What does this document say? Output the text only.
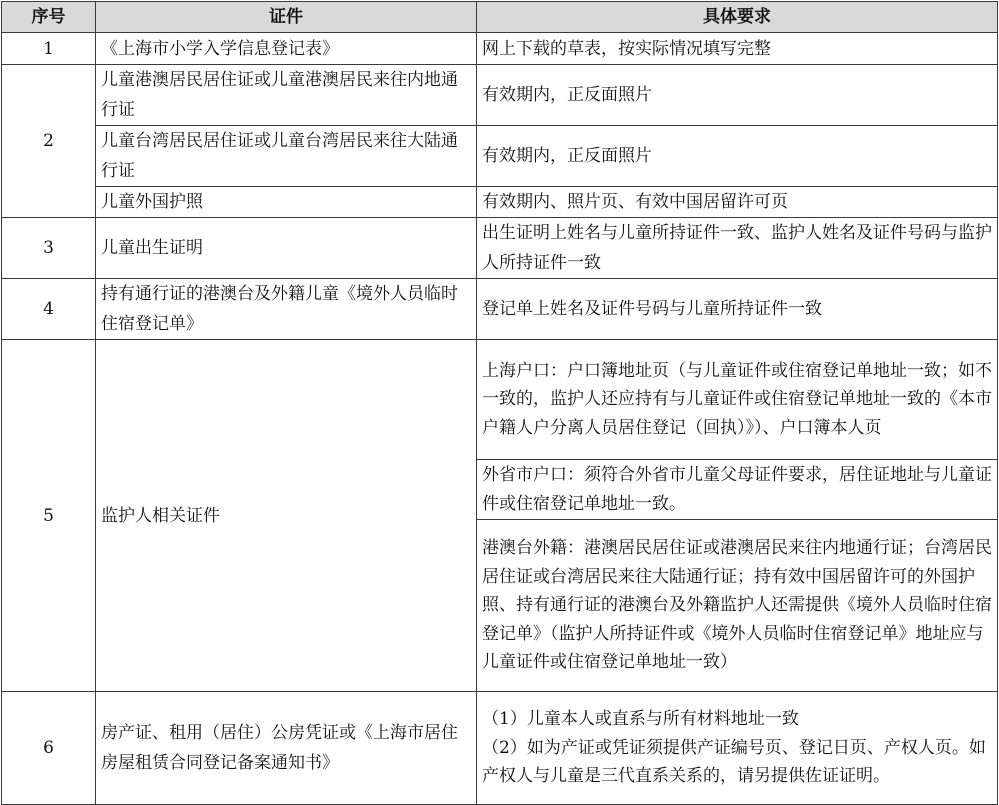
序号	证件	具体要求
1	《上海市小学入学信息登记表》	网上下载的草表，按实际情况填写完整
2	儿童港澳居民居住证或儿童港澳居民来往内地通行证	有效期内，正反面照片
	儿童台湾居民居住证或儿童台湾居民来往大陆通行证	有效期内，正反面照片
	儿童外国护照	有效期内、照片页、有效中国居留许可页
3	儿童出生证明	出生证明上姓名与儿童所持证件一致、监护人姓名及证件号码与监护人所持证件一致
4	持有通行证的港澳台及外籍儿童《境外人员临时住宿登记单》	登记单上姓名及证件号码与儿童所持证件一致
5	监护人相关证件	上海户口：户口簿地址页（与儿童证件或住宿登记单地址一致；如不一致的，监护人还应持有与儿童证件或住宿登记单地址一致的《本市户籍人户分离人员居住登记（回执）》）、户口簿本人页
		外省市户口：须符合外省市儿童父母证件要求，居住证地址与儿童证件或住宿登记单地址一致。
		港澳台外籍：港澳居民居住证或港澳居民来往内地通行证；台湾居民居住证或台湾居民来往大陆通行证；持有效中国居留许可的外国护照、持有通行证的港澳台及外籍监护人还需提供《境外人员临时住宿登记单》（监护人所持证件或《境外人员临时住宿登记单》地址应与儿童证件或住宿登记单地址一致）
6	房产证、租用（居住）公房凭证或《上海市居住房屋租赁合同登记备案通知书》	（1）儿童本人或直系与所有材料地址一致
（2）如为产证或凭证须提供产证编号页、登记日页、产权人页。如产权人与儿童是三代直系关系的，请另提供佐证证明。
